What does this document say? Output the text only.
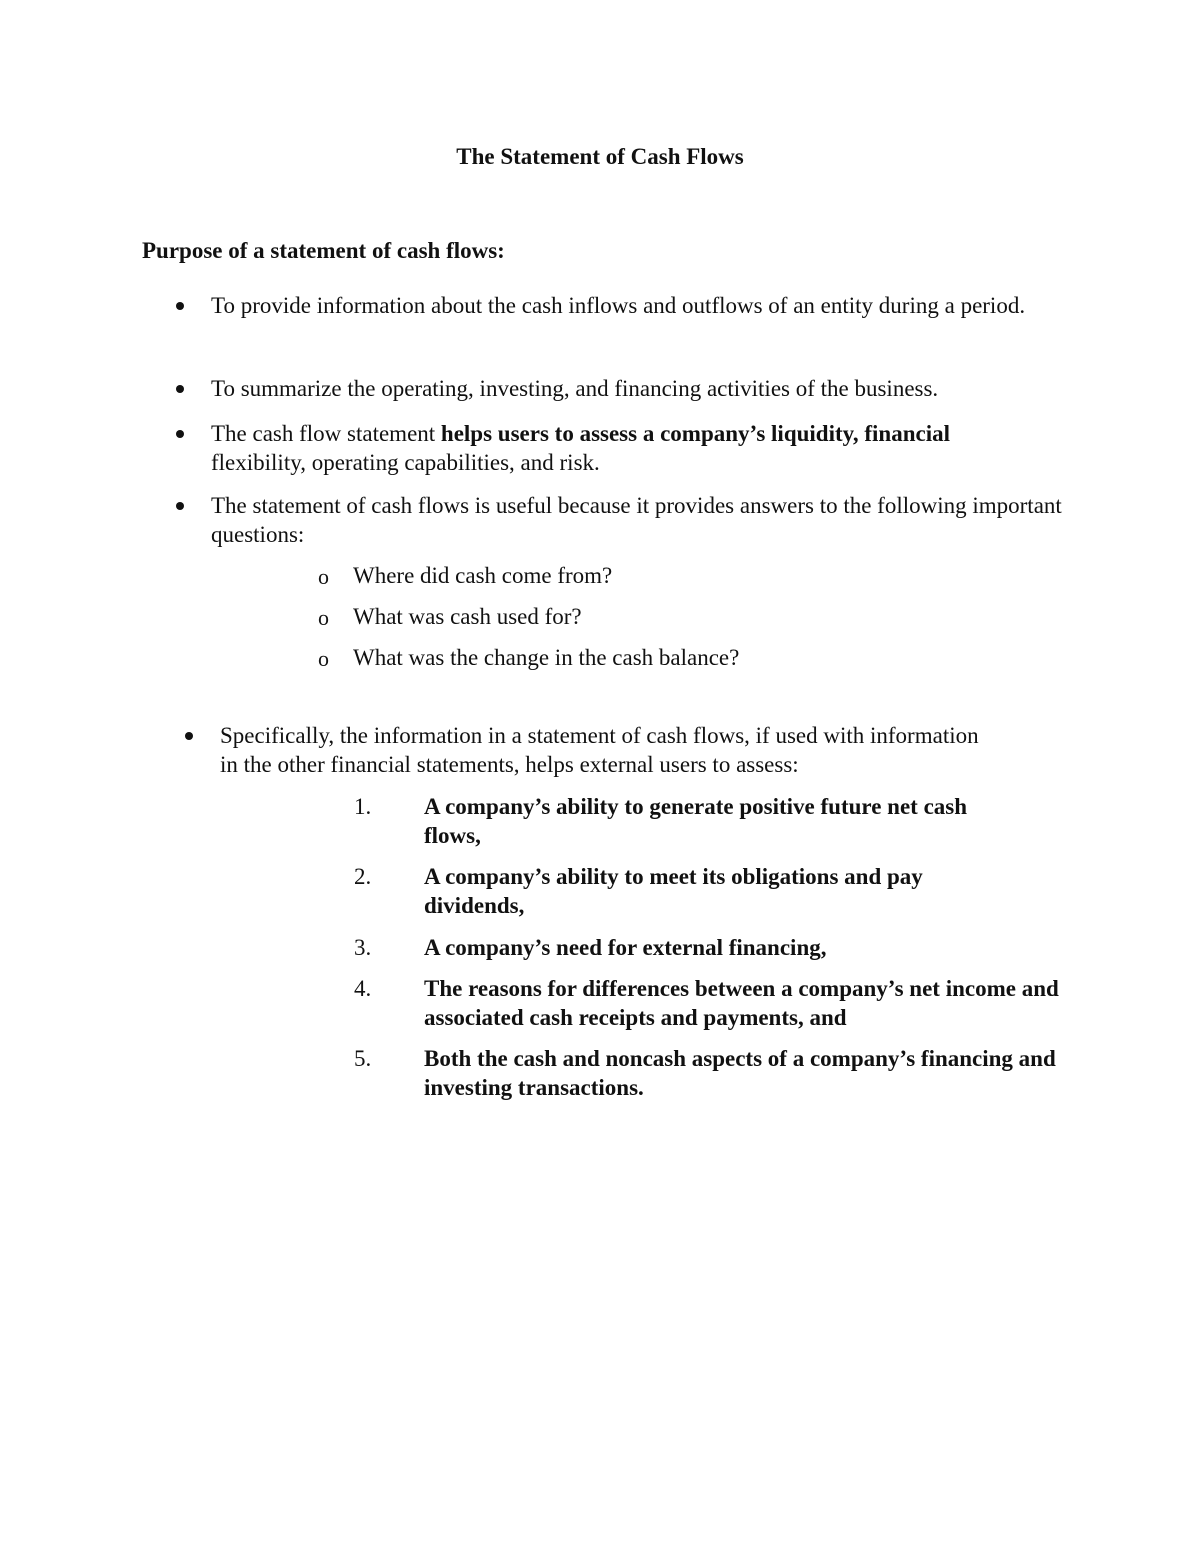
The Statement of Cash Flows
Purpose of a statement of cash flows:
To provide information about the cash inflows and outflows of an entity during a period.
To summarize the operating, investing, and financing activities of the business.
The cash flow statement helps users to assess a company’s liquidity, financial
flexibility, operating capabilities, and risk.
The statement of cash flows is useful because it provides answers to the following important questions:
o Where did cash come from?
o What was cash used for?
o What was the change in the cash balance?
Specifically, the information in a statement of cash flows, if used with information in the other financial statements, helps external users to assess:
1. A company’s ability to generate positive future net cash flows,
2. A company’s ability to meet its obligations and pay dividends,
3. A company’s need for external financing,
4. The reasons for differences between a company’s net income and associated cash receipts and payments, and
5. Both the cash and noncash aspects of a company’s financing and investing transactions.
